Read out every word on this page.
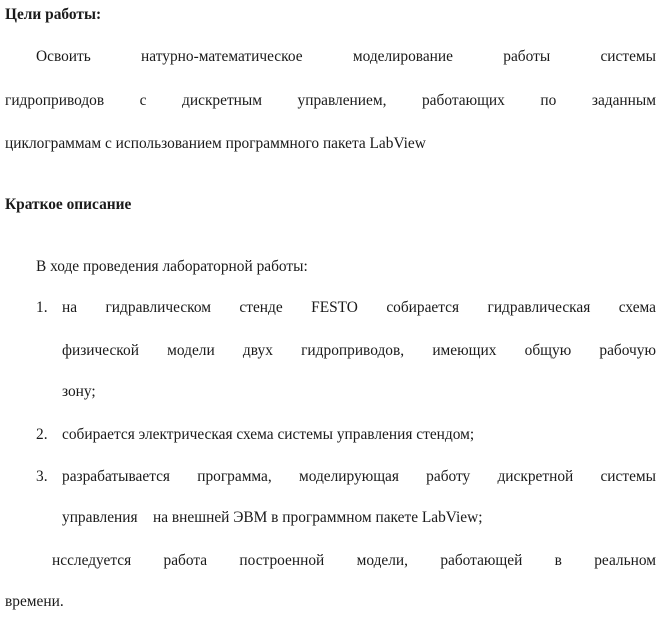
Цели работы:
Освоить натурно-математическое моделирование работы системы
гидроприводов с дискретным управлением, работающих по заданным
циклограммам с использованием программного пакета LabView
Краткое описание
В ходе проведения лабораторной работы:
1. на гидравлическом стенде FESTO собирается гидравлическая схема
физической модели двух гидроприводов, имеющих общую рабочую
зону;
2. собирается электрическая схема системы управления стендом;
3. разрабатывается программа, моделирующая работу дискретной системы
управления    на внешней ЭВМ в программном пакете LabView;
нсследуется работа построенной модели, работающей в реальном
времени.
